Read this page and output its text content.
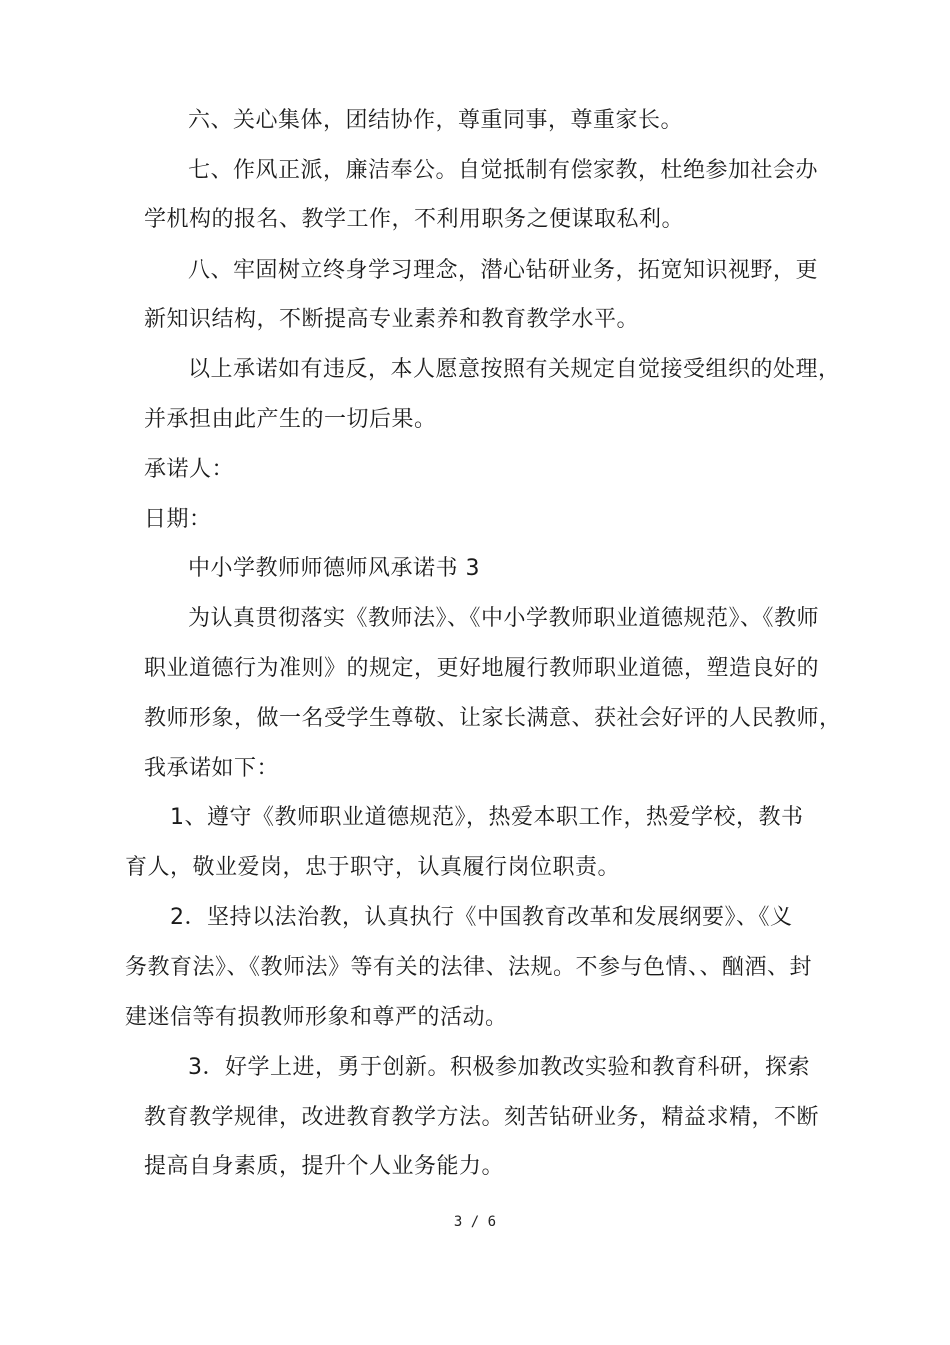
六、关心集体，团结协作，尊重同事，尊重家长。
七、作风正派，廉洁奉公。自觉抵制有偿家教，杜绝参加社会办
学机构的报名、教学工作，不利用职务之便谋取私利。
八、牢固树立终身学习理念，潜心钻研业务，拓宽知识视野，更
新知识结构，不断提高专业素养和教育教学水平。
以上承诺如有违反，本人愿意按照有关规定自觉接受组织的处理，
并承担由此产生的一切后果。
承诺人：
日期：
中小学教师师德师风承诺书 3
为认真贯彻落实《教师法》、《中小学教师职业道德规范》、《教师
职业道德行为准则》的规定，更好地履行教师职业道德，塑造良好的
教师形象，做一名受学生尊敬、让家长满意、获社会好评的人民教师，
我承诺如下：
1、遵守《教师职业道德规范》，热爱本职工作，热爱学校，教书
育人，敬业爱岗，忠于职守，认真履行岗位职责。
2．坚持以法治教，认真执行《中国教育改革和发展纲要》、《义
务教育法》、《教师法》等有关的法律、法规。不参与色情、、酗酒、封
建迷信等有损教师形象和尊严的活动。
3．好学上进，勇于创新。积极参加教改实验和教育科研，探索
教育教学规律，改进教育教学方法。刻苦钻研业务，精益求精，不断
提高自身素质，提升个人业务能力。
3 / 6
